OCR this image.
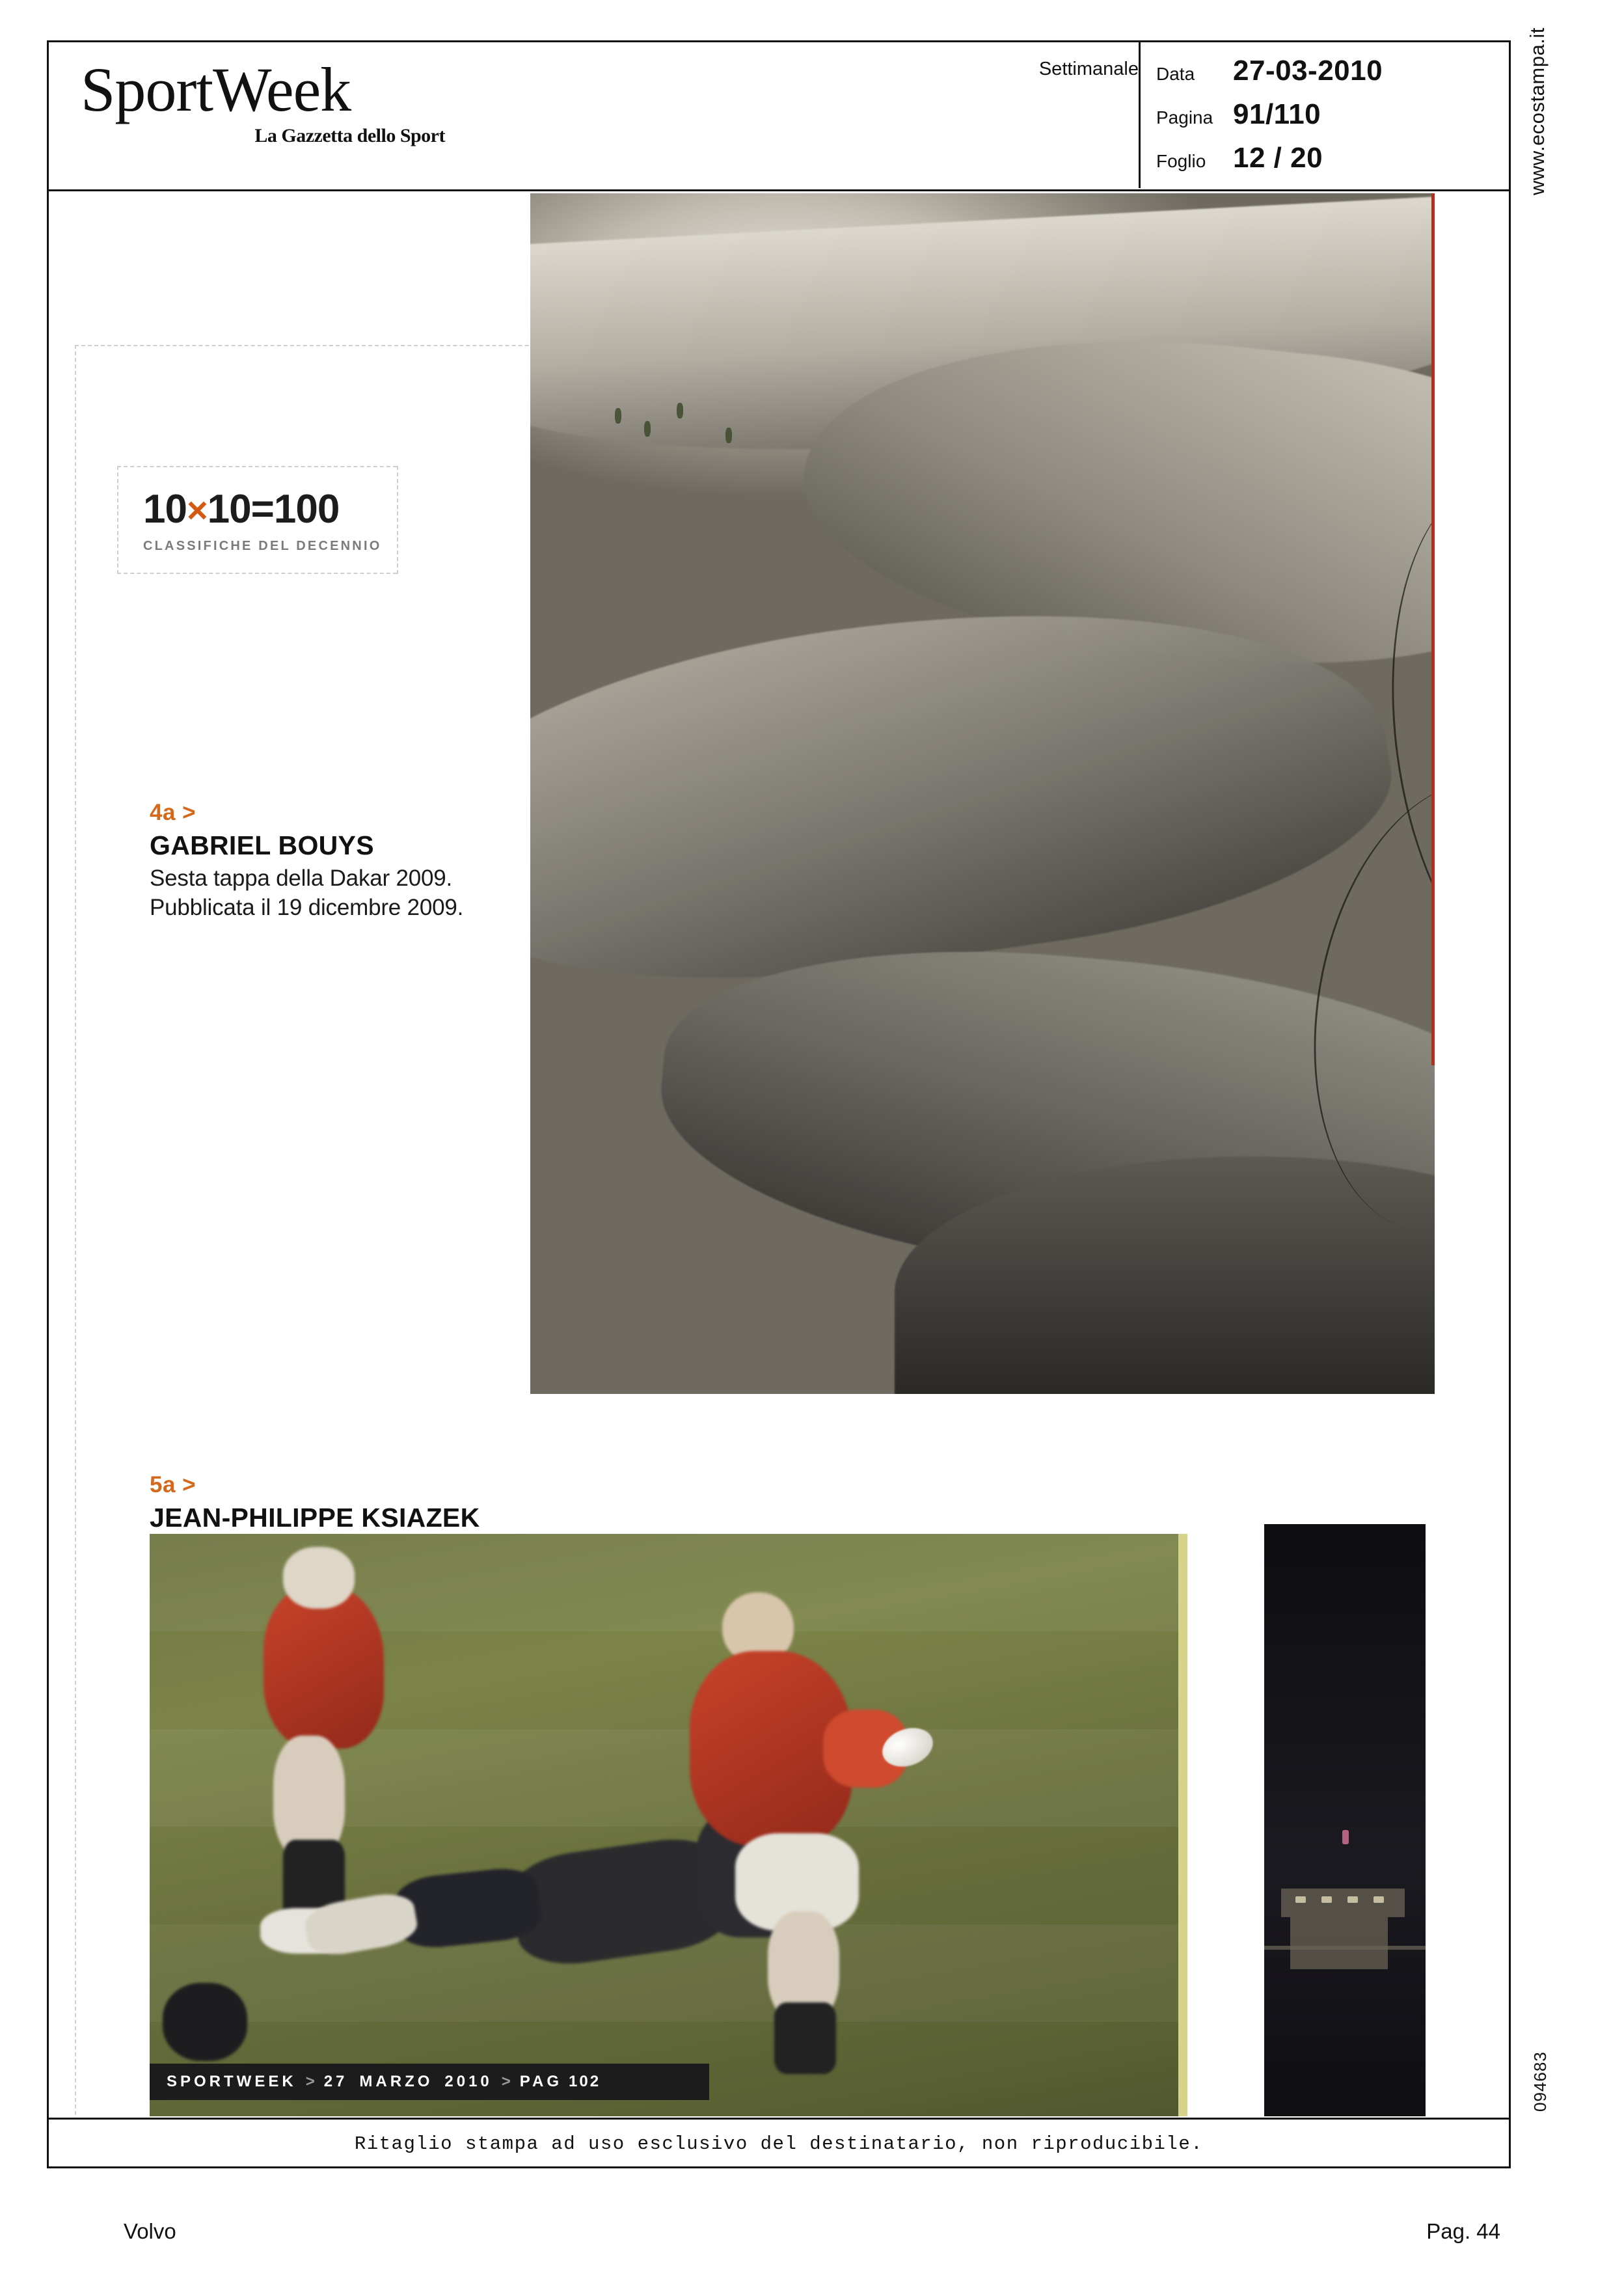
SportWeek
La Gazzetta dello Sport
Settimanale Data	27-03-2010
Pagina 91/110
Foglio 12 / 20	www.ecostampa.it
094683
10×10=100
CLASSIFICHE DEL DECENNIO
4a >
GABRIEL BOUYS
Sesta tappa della Dakar 2009. Pubblicata il 19 dicembre 2009.
5a >
JEAN-PHILIPPE KSIAZEK
SPORTWEEK > 27 MARZO 2010 > PAG 102
Ritaglio stampa ad uso esclusivo del destinatario, non riproducibile.
Volvo	Pag. 44
